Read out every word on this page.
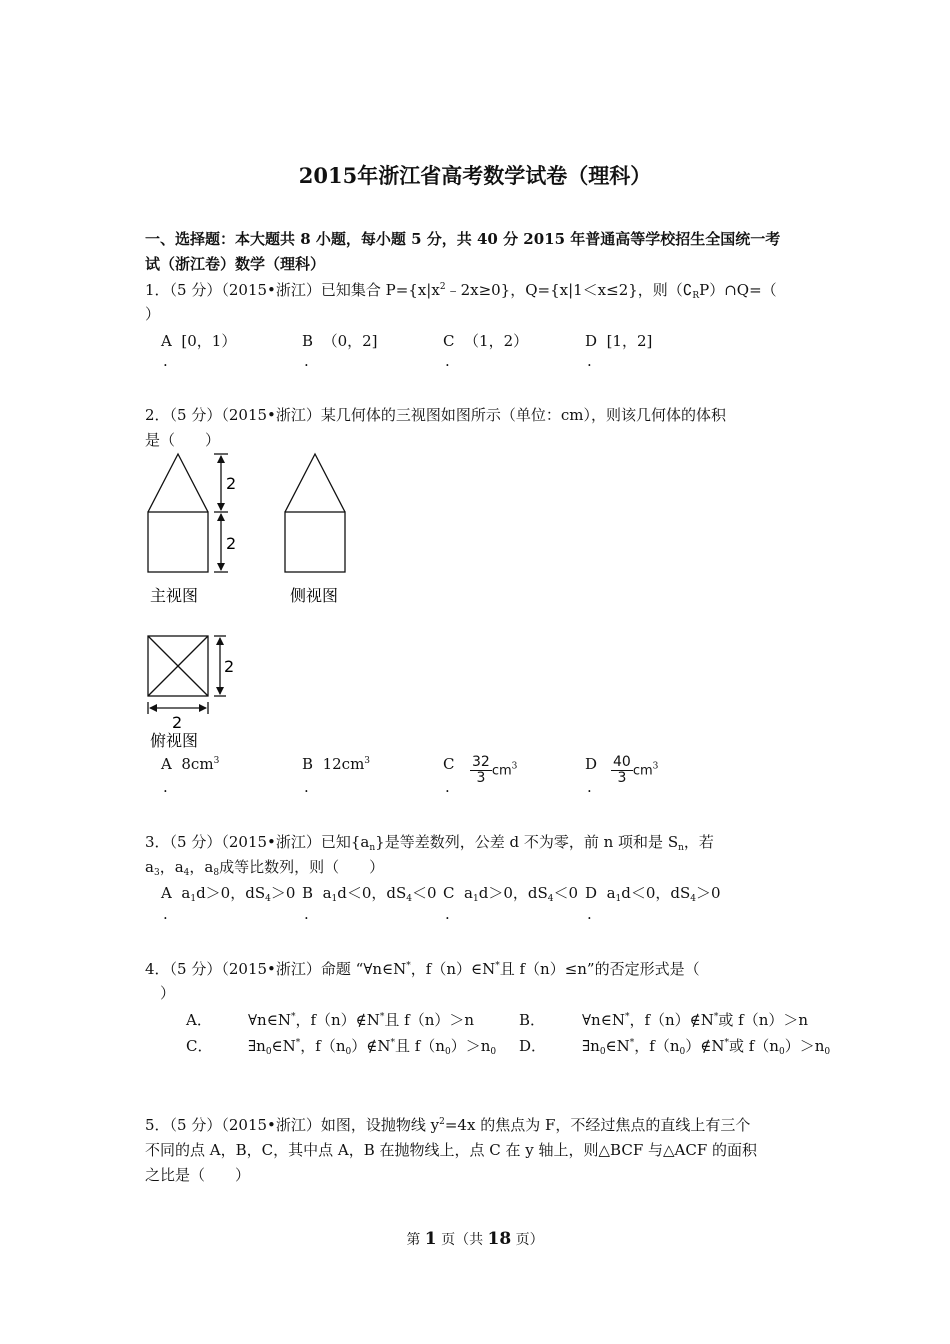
2015年浙江省高考数学试卷（理科）
一、选择题：本大题共 8 小题，每小题 5 分，共 40 分 2015 年普通高等学校招生全国统一考
试（浙江卷）数学（理科）
1．（5 分）（2015•浙江）已知集合 $P=\{x|x^2﹣2x\ge 0\}$，Q={x|1＜x≤2}，则$(∁_RP)\cap Q=$（
）
A [0，1）	B （0，2]	C （1，2）	D [1，2]
.	.	.	.
2．（5 分）（2015•浙江）某几何体的三视图如图所示（单位：cm），则该几何体的体积
是（　　）
2
2
2
2
主视图	侧视图
俯视图
A $8cm^3$	B $12cm^3$	C $\frac{32}{3} cm^3$	D $\frac{40}{3} cm^3$
.	.	.	.
3．（5 分）（2015•浙江）已知$\{a_n\}$是等差数列，公差 d 不为零，前 n 项和是 $S_n$，若
$a_3$，$a_4$，$a_8$成等比数列，则（　　）
A $a_1d>0$，$dS_4>0$ B $a_1d<0$，$dS_4<0$ C $a_1d>0$，$dS_4<0$ D $a_1d<0$，$dS_4>0$
.	.	.	.
4．（5 分）（2015•浙江）命题 “∀n∈N*，f（n）∈N*且 f（n）≤n”的否定形式是（
）
A． ∀n∈N*，f（n）∉N*且 f（n）＞n	B． ∀n∈N*，f（n）∉N*或 f（n）＞n
C． $\exists n_0\in N^*$，$f(n_0)\notin N^*$且 $f(n_0)>n_0$ D． $\exists n_0\in N^*$，$f(n_0)\notin N^*$或 $f(n_0)>n_0$
5．（5 分）（2015•浙江）如图，设抛物线 $y^2=4x$ 的焦点为 F，不经过焦点的直线上有三个
不同的点 A，B，C，其中点 A，B 在抛物线上，点 C 在 y 轴上，则△BCF 与△ACF 的面积
之比是（　　）
第 1 页（共 18 页）
